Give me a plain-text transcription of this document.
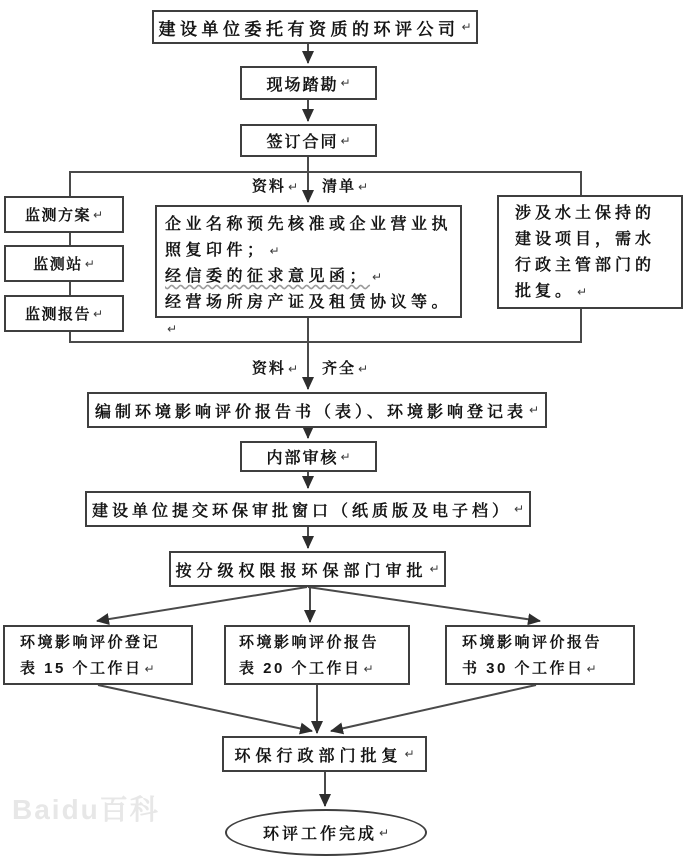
建设单位委托有资质的环评公司 ↵
现场踏勘 ↵
签订合同 ↵
资料 ↵ 清单 ↵
监测方案 ↵
监测站 ↵
监测报告 ↵
企业名称预先核准或企业营业执照复印件； ↵
经信委的征求意见函； ↵
经营场所房产证及租赁协议等。↵
涉及水土保持的建设项目，需水行政主管部门的批复。 ↵
资料 ↵ 齐全 ↵
编制环境影响评价报告书（表）、环境影响登记表 ↵
内部审核 ↵
建设单位提交环保审批窗口（纸质版及电子档） ↵
按分级权限报环保部门审批 ↵
环境影响评价登记表 15 个工作日 ↵
环境影响评价报告表 20 个工作日 ↵
环境影响评价报告书 30 个工作日 ↵
环保行政部门批复 ↵
环评工作完成 ↵
Baidu百科
